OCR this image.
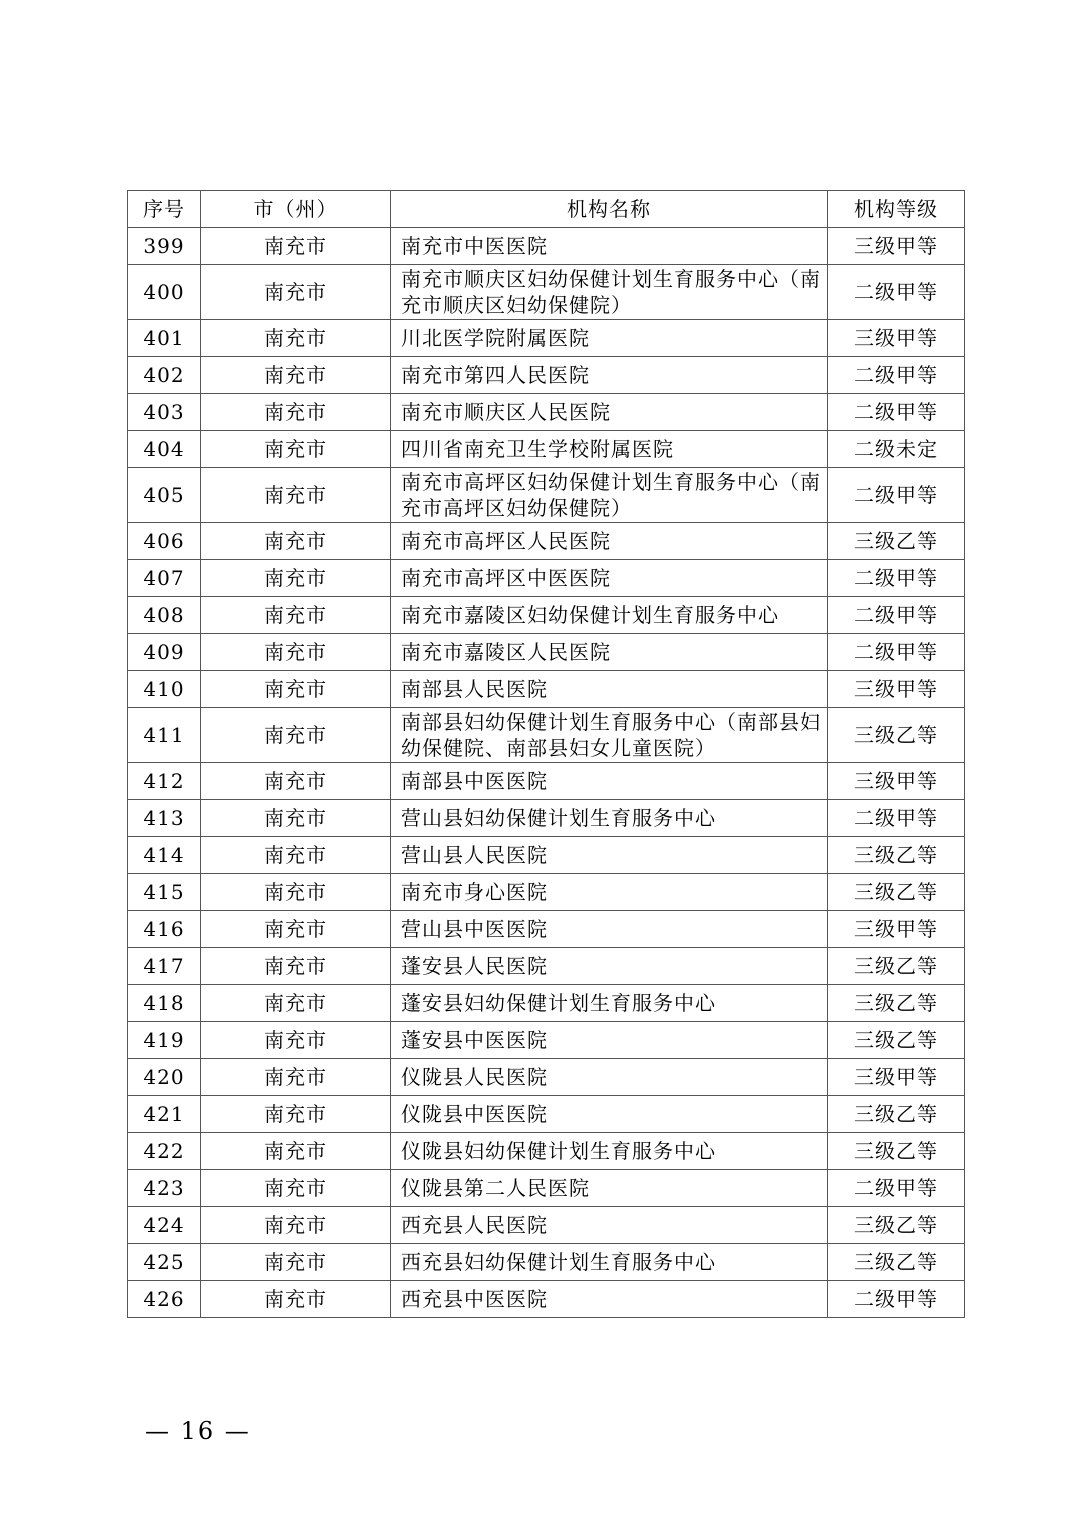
序号	市（州）	机构名称	机构等级
399	南充市	南充市中医医院	三级甲等
400	南充市	南充市顺庆区妇幼保健计划生育服务中心（南充市顺庆区妇幼保健院）	二级甲等
401	南充市	川北医学院附属医院	三级甲等
402	南充市	南充市第四人民医院	二级甲等
403	南充市	南充市顺庆区人民医院	二级甲等
404	南充市	四川省南充卫生学校附属医院	二级未定
405	南充市	南充市高坪区妇幼保健计划生育服务中心（南充市高坪区妇幼保健院）	二级甲等
406	南充市	南充市高坪区人民医院	三级乙等
407	南充市	南充市高坪区中医医院	二级甲等
408	南充市	南充市嘉陵区妇幼保健计划生育服务中心	二级甲等
409	南充市	南充市嘉陵区人民医院	二级甲等
410	南充市	南部县人民医院	三级甲等
411	南充市	南部县妇幼保健计划生育服务中心（南部县妇幼保健院、南部县妇女儿童医院）	三级乙等
412	南充市	南部县中医医院	三级甲等
413	南充市	营山县妇幼保健计划生育服务中心	二级甲等
414	南充市	营山县人民医院	三级乙等
415	南充市	南充市身心医院	三级乙等
416	南充市	营山县中医医院	三级甲等
417	南充市	蓬安县人民医院	三级乙等
418	南充市	蓬安县妇幼保健计划生育服务中心	三级乙等
419	南充市	蓬安县中医医院	三级乙等
420	南充市	仪陇县人民医院	三级甲等
421	南充市	仪陇县中医医院	三级乙等
422	南充市	仪陇县妇幼保健计划生育服务中心	三级乙等
423	南充市	仪陇县第二人民医院	二级甲等
424	南充市	西充县人民医院	三级乙等
425	南充市	西充县妇幼保健计划生育服务中心	三级乙等
426	南充市	西充县中医医院	二级甲等
— 16 —
